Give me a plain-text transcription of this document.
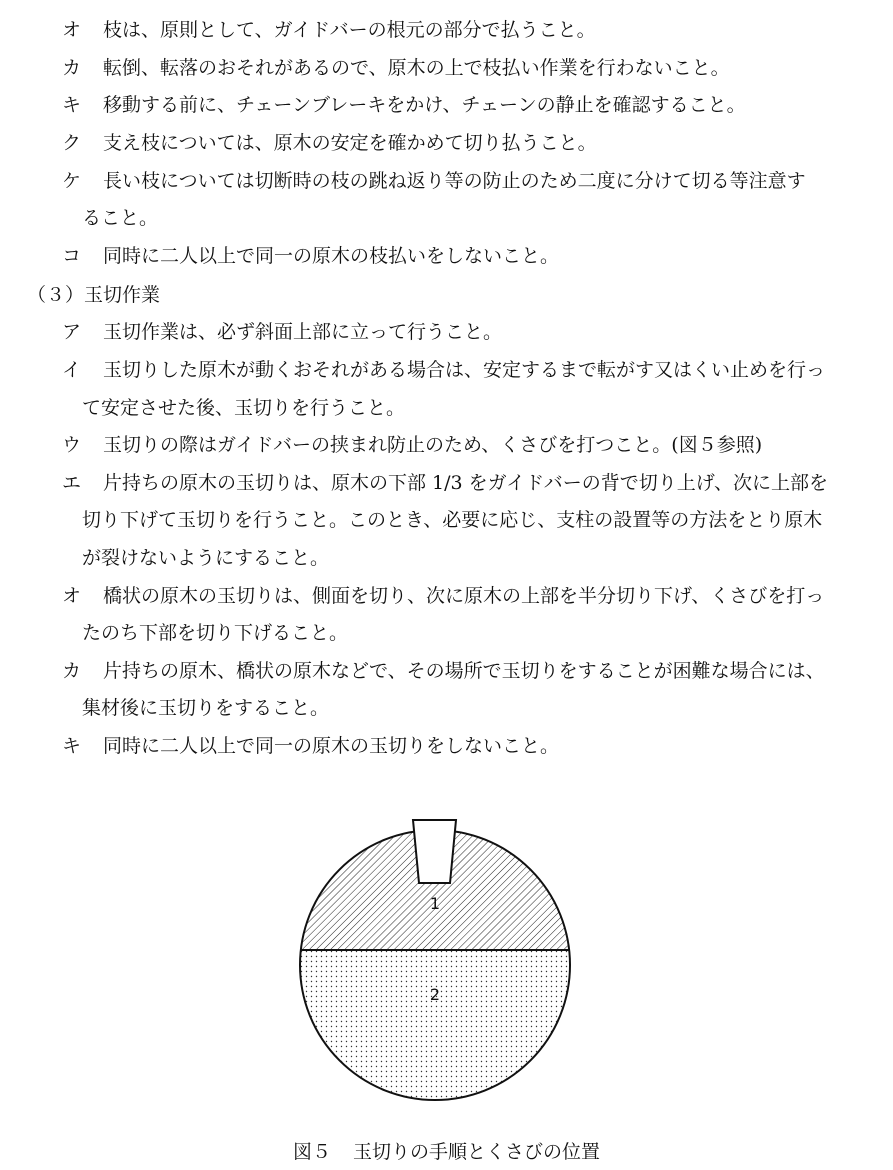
オ	枝は、原則として、ガイドバーの根元の部分で払うこと。
カ	転倒、転落のおそれがあるので、原木の上で枝払い作業を行わないこと。
キ	移動する前に、チェーンブレーキをかけ、チェーンの静止を確認すること。
ク	支え枝については、原木の安定を確かめて切り払うこと。
ケ	長い枝については切断時の枝の跳ね返り等の防止のため二度に分けて切る等注意す
ること。
コ	同時に二人以上で同一の原木の枝払いをしないこと。
（３）玉切作業
ア	玉切作業は、必ず斜面上部に立って行うこと。
イ	玉切りした原木が動くおそれがある場合は、安定するまで転がす又はくい止めを行っ
て安定させた後、玉切りを行うこと。
ウ	玉切りの際はガイドバーの挟まれ防止のため、くさびを打つこと。(図５参照)
エ	片持ちの原木の玉切りは、原木の下部 1/3 をガイドバーの背で切り上げ、次に上部を
切り下げて玉切りを行うこと。このとき、必要に応じ、支柱の設置等の方法をとり原木
が裂けないようにすること。
オ	橋状の原木の玉切りは、側面を切り、次に原木の上部を半分切り下げ、くさびを打っ
たのち下部を切り下げること。
カ	片持ちの原木、橋状の原木などで、その場所で玉切りをすることが困難な場合には、
集材後に玉切りをすること。
キ	同時に二人以上で同一の原木の玉切りをしないこと。
1
2
図５ 玉切りの手順とくさびの位置
